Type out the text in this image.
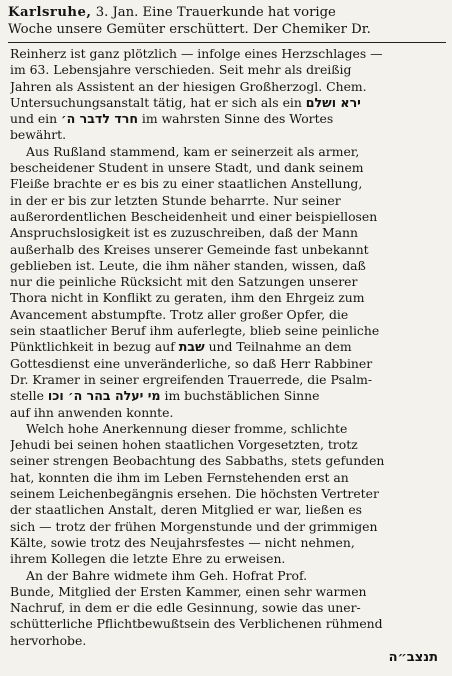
Karlsruhe, 3. Jan. Eine Trauerkunde hat vorige
Woche unsere Gemüter erschüttert. Der Chemiker Dr.
Reinherz ist ganz plötzlich — infolge eines Herzschlages —
im 63. Lebensjahre verschieden. Seit mehr als dreißig
Jahren als Assistent an der hiesigen Großherzogl. Chem.
Untersuchungsanstalt tätig, hat er sich als ein ירא ושלם
und ein חרד לדבר ה׳ im wahrsten Sinne des Wortes
bewährt.
Aus Rußland stammend, kam er seinerzeit als armer,
bescheidener Student in unsere Stadt, und dank seinem
Fleiße brachte er es bis zu einer staatlichen Anstellung,
in der er bis zur letzten Stunde beharrte. Nur seiner
außerordentlichen Bescheidenheit und einer beispiellosen
Anspruchslosigkeit ist es zuzuschreiben, daß der Mann
außerhalb des Kreises unserer Gemeinde fast unbekannt
geblieben ist. Leute, die ihm näher standen, wissen, daß
nur die peinliche Rücksicht mit den Satzungen unserer
Thora nicht in Konflikt zu geraten, ihm den Ehrgeiz zum
Avancement abstumpfte. Trotz aller großer Opfer, die
sein staatlicher Beruf ihm auferlegte, blieb seine peinliche
Pünktlichkeit in bezug auf שבת und Teilnahme an dem
Gottesdienst eine unveränderliche, so daß Herr Rabbiner
Dr. Kramer in seiner ergreifenden Trauerrede, die Psalm-
stelle מי יעלה בהר ה׳ וכו im buchstäblichen Sinne
auf ihn anwenden konnte.
Welch hohe Anerkennung dieser fromme, schlichte
Jehudi bei seinen hohen staatlichen Vorgesetzten, trotz
seiner strengen Beobachtung des Sabbaths, stets gefunden
hat, konnten die ihm im Leben Fernstehenden erst an
seinem Leichenbegängnis ersehen. Die höchsten Vertreter
der staatlichen Anstalt, deren Mitglied er war, ließen es
sich — trotz der frühen Morgenstunde und der grimmigen
Kälte, sowie trotz des Neujahrsfestes — nicht nehmen,
ihrem Kollegen die letzte Ehre zu erweisen.
An der Bahre widmete ihm Geh. Hofrat Prof.
Bunde, Mitglied der Ersten Kammer, einen sehr warmen
Nachruf, in dem er die edle Gesinnung, sowie das uner-
schütterliche Pflichtbewußtsein des Verblichenen rühmend
hervorhobe.
תנצב״ה
